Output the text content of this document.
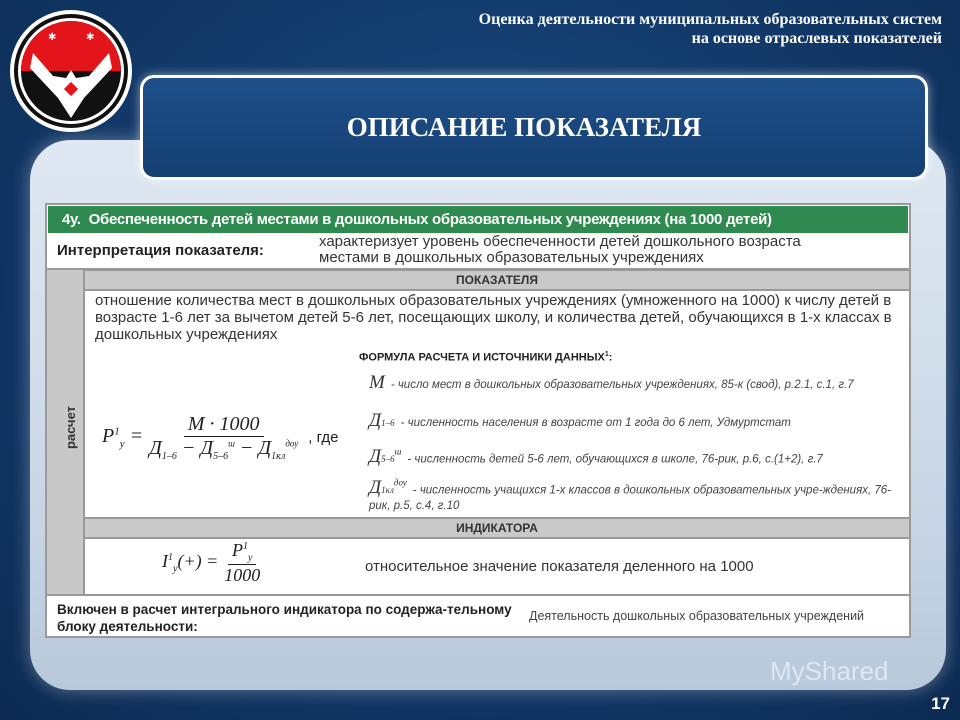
✱	✱
Оценка деятельности муниципальных образовательных систем
на основе отраслевых показателей
ОПИСАНИЕ ПОКАЗАТЕЛЯ
4у. Обеспеченность детей местами в дошкольных образовательных учреждениях (на 1000 детей)
Интерпретация показателя:
характеризует уровень обеспеченности детей дошкольного возраста
местами в дошкольных образовательных учреждениях
расчет
ПОКАЗАТЕЛЯ
отношение количества мест в дошкольных образовательных учреждениях (умноженного на 1000) к числу детей в возрасте 1-6 лет за вычетом детей 5-6 лет, посещающих школу, и количества детей, обучающихся в 1-х классах в дошкольных учреждениях
ФОРМУЛА РАСЧЕТА И ИСТОЧНИКИ ДАННЫХ$^1$:
$P^1_y = \frac{M \cdot 1000}{Д_{1-6} - Д_{5-6}^ш - Д_{1кл}^{доу}}$ , где
M - число мест в дошкольных образовательных учреждениях, 85-к (свод), р.2.1, с.1, г.7
Д1–6 - численность населения в возрасте от 1 года до 6 лет, Удмуртстат
$Д5-6^ш-$ численность детей 5-6 лет, обучающихся в школе, 76-рик, р.6, с.(1+2), г.7
$Д1кл^{доу}-$ численность учащихся 1-х классов в дошкольных образовательных учре-ждениях, 76-рик, р.5, с.4, г.10
ИНДИКАТОРА
$I^1_y(+) = \frac{P^1_y}{1000}$	относительное значение показателя деленного на 1000
Включен в расчет интегрального индикатора по содержа-тельному блоку деятельности:
Деятельность дошкольных образовательных учреждений
MyShared
17
